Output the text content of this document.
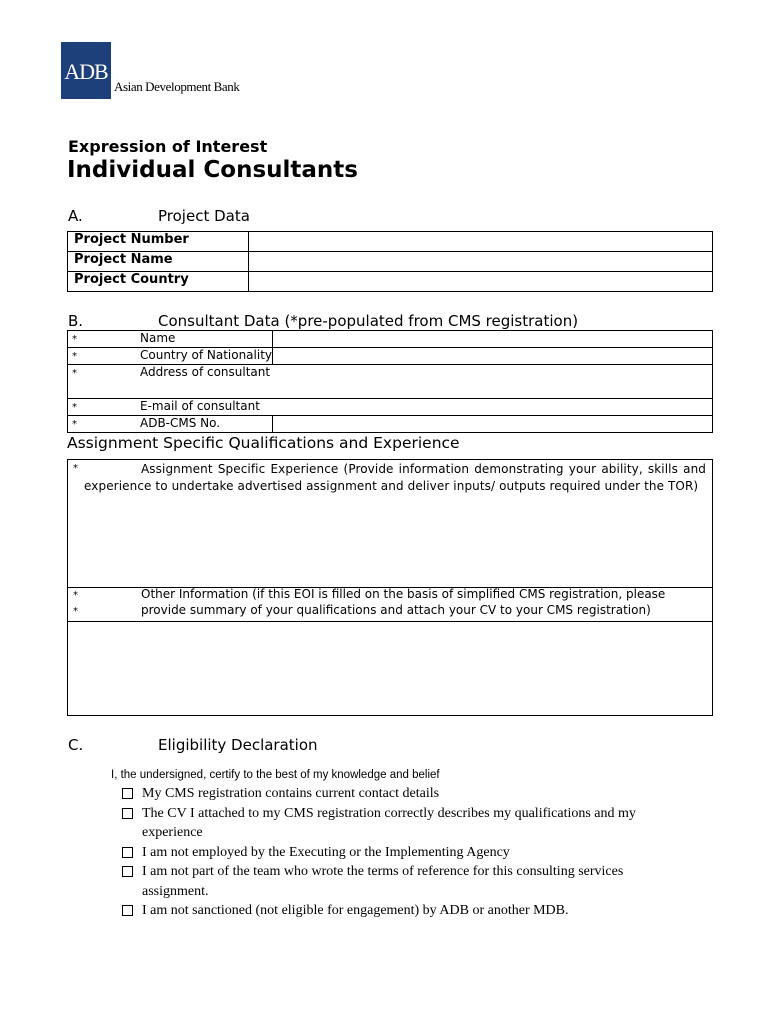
ADB
Asian Development Bank
Expression of Interest
Individual Consultants
A.	Project Data
Project Number	
Project Name	
Project Country	
B.	Consultant Data (*pre-populated from CMS registration)
* Name	
* Country of Nationality	
* Address of consultant	
* E-mail of consultant	
* ADB-CMS No.	
Assignment Specific Qualifications and Experience
*	Assignment Specific Experience (Provide information demonstrating your ability, skills and experience to undertake advertised assignment and deliver inputs/ outputs required under the TOR)
*
*
Other Information (if this EOI is filled on the basis of simplified CMS registration, please
provide summary of your qualifications and attach your CV to your CMS registration)
C.	Eligibility Declaration
I, the undersigned, certify to the best of my knowledge and belief
My CMS registration contains current contact details
The CV I attached to my CMS registration correctly describes my qualifications and my experience
I am not employed by the Executing or the Implementing Agency
I am not part of the team who wrote the terms of reference for this consulting services assignment.
I am not sanctioned (not eligible for engagement) by ADB or another MDB.
